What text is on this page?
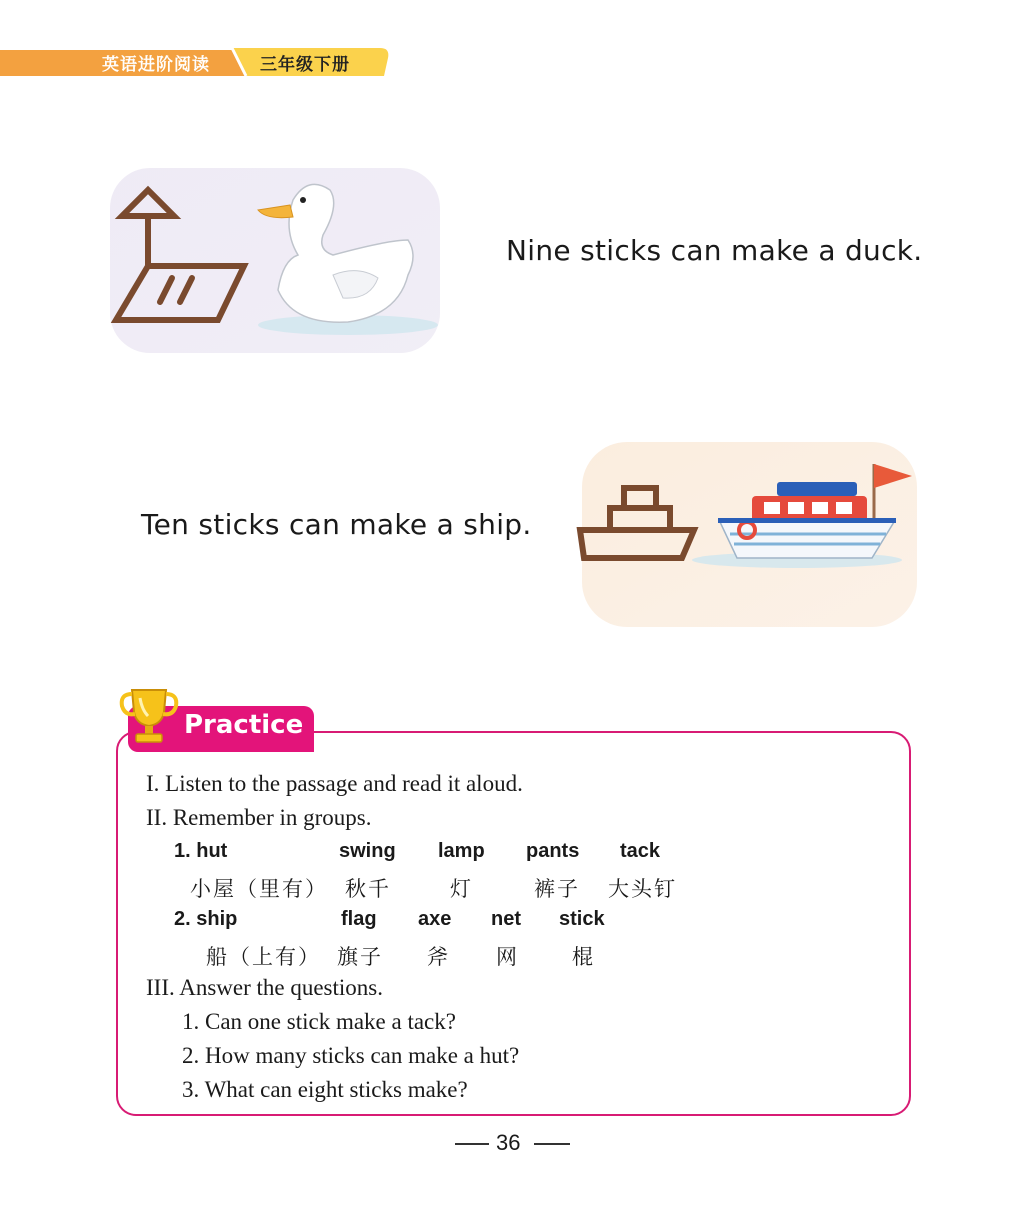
英语进阶阅读	三年级下册
Nine sticks can make a duck.
Ten sticks can make a ship.
Practice
I. Listen to the passage and read it aloud.
II. Remember in groups.
1. hut	swing lamp pants tack
小屋（里有） 秋千	灯	裤子 大头钉
2. ship	flag axe net stick
船（上有） 旗子 斧 网	棍
III. Answer the questions.
1. Can one stick make a tack?
2. How many sticks can make a hut?
3. What can eight sticks make?
36
